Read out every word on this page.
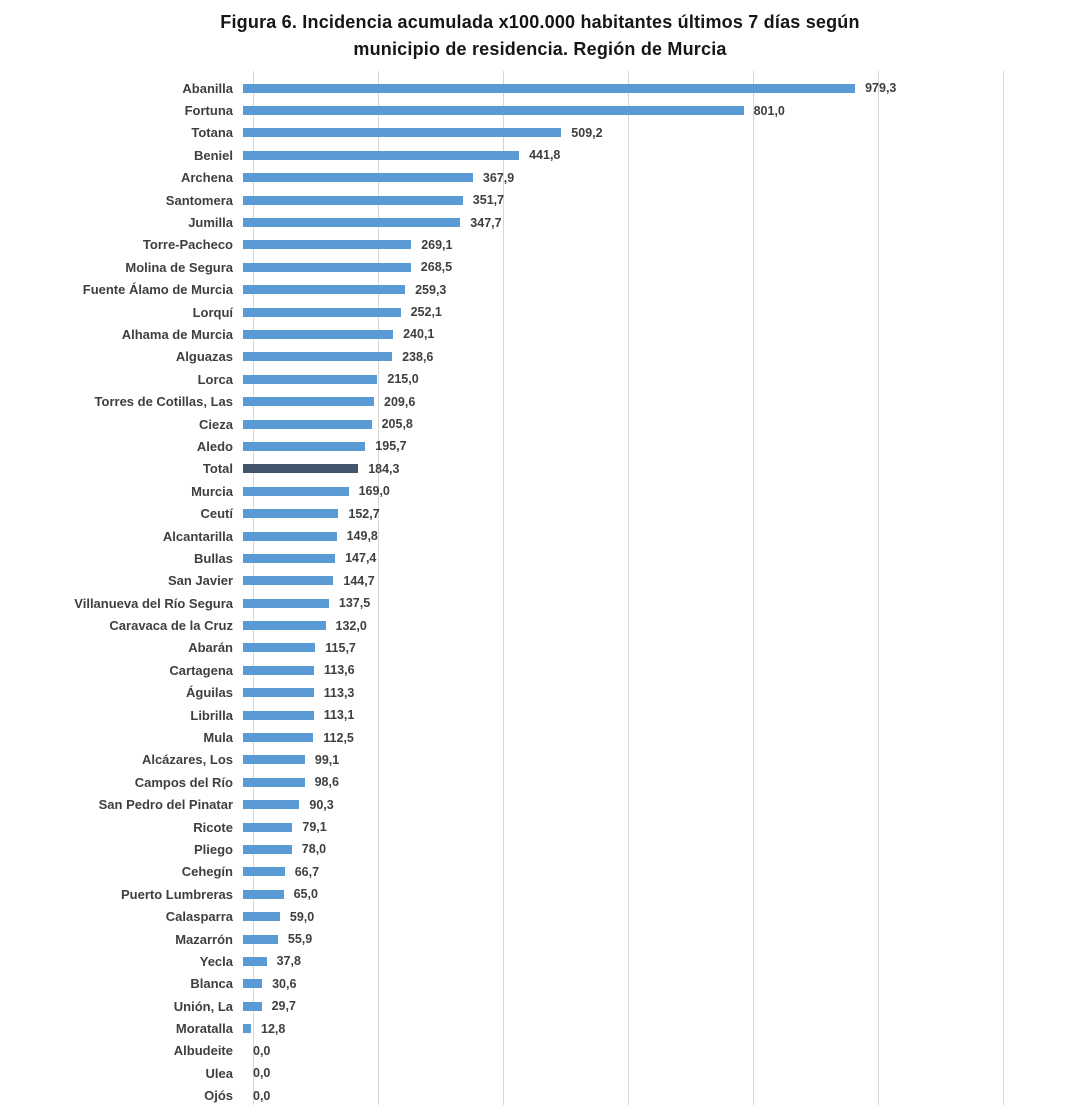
Figura 6. Incidencia acumulada x100.000 habitantes últimos 7 días según
municipio de residencia. Región de Murcia
Abanilla	979,3
Fortuna	801,0
Totana	509,2
Beniel	441,8
Archena	367,9
Santomera	351,7
Jumilla	347,7
Torre-Pacheco	269,1
Molina de Segura	268,5
Fuente Álamo de Murcia	259,3
Lorquí	252,1
Alhama de Murcia	240,1
Alguazas	238,6
Lorca	215,0
Torres de Cotillas, Las	209,6
Cieza	205,8
Aledo	195,7
Total	184,3
Murcia	169,0
Ceutí	152,7
Alcantarilla	149,8
Bullas	147,4
San Javier	144,7
Villanueva del Río Segura	137,5
Caravaca de la Cruz	132,0
Abarán	115,7
Cartagena	113,6
Águilas	113,3
Librilla	113,1
Mula	112,5
Alcázares, Los	99,1
Campos del Río	98,6
San Pedro del Pinatar	90,3
Ricote	79,1
Pliego	78,0
Cehegín	66,7
Puerto Lumbreras	65,0
Calasparra	59,0
Mazarrón	55,9
Yecla	37,8
Blanca	30,6
Unión, La	29,7
Moratalla	12,8
Albudeite	0,0
Ulea	0,0
Ojós	0,0
